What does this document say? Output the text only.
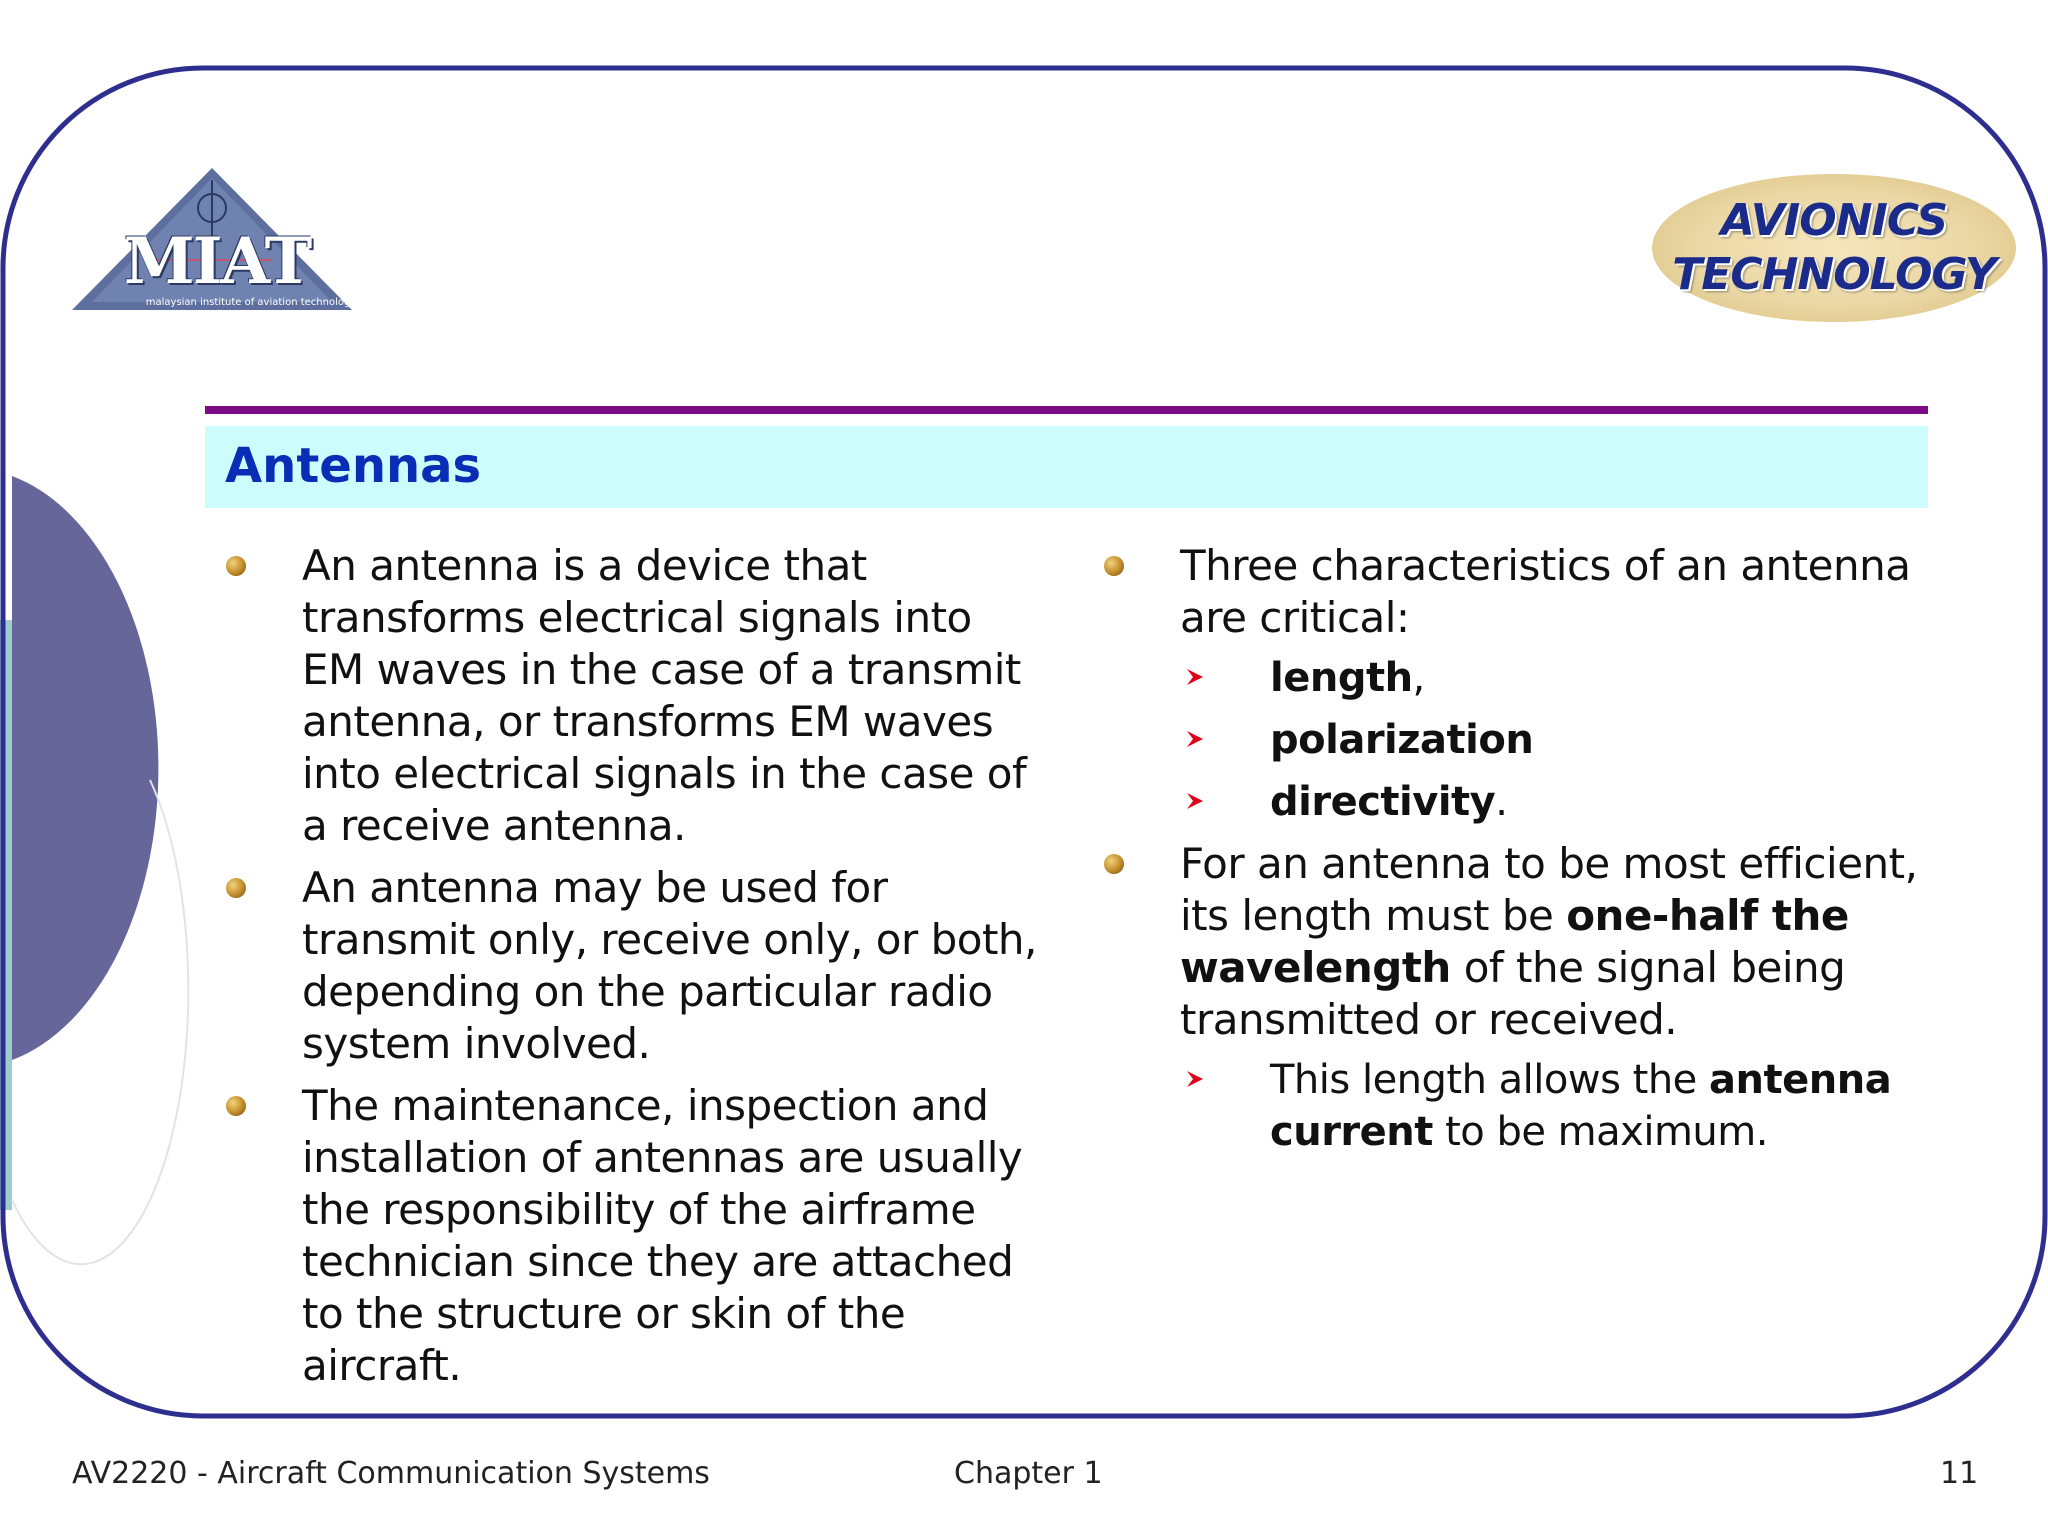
MIAT
malaysian institute of aviation technology
AVIONICS
TECHNOLOGY
Antennas
An antenna is a device that transforms electrical signals into EM waves in the case of a transmit antenna, or transforms EM waves into electrical signals in the case of a receive antenna.
An antenna may be used for transmit only, receive only, or both, depending on the particular radio system involved.
The maintenance, inspection and installation of antennas are usually the responsibility of the airframe technician since they are attached to the structure or skin of the aircraft.
Three characteristics of an antenna are critical:
length,
polarization
directivity.
For an antenna to be most efficient, its length must be one-half the wavelength of the signal being transmitted or received.
This length allows the antenna current to be maximum.
AV2220 - Aircraft Communication Systems	Chapter 1	11
